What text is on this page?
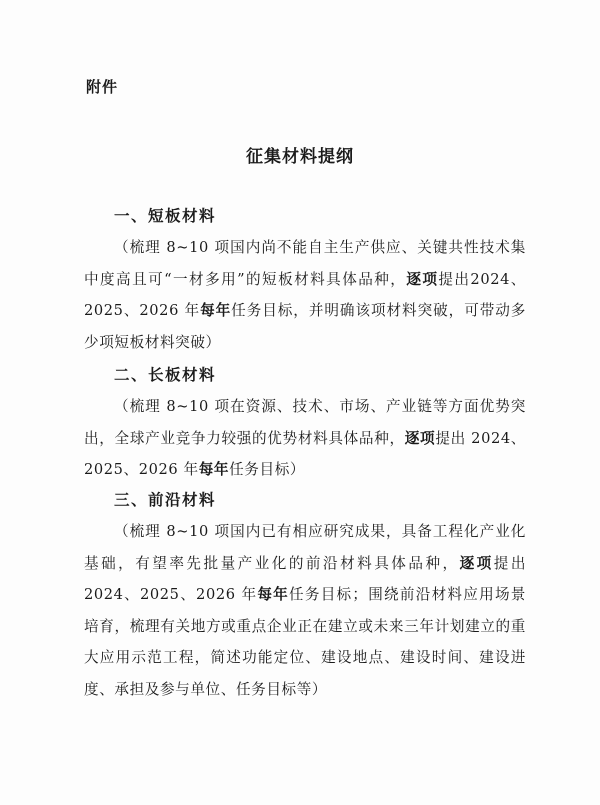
附件
征集材料提纲
一、短板材料
（梳理 8~10 项国内尚不能自主生产供应、关键共性技术集中度高且可“一材多用”的短板材料具体品种，逐项提出2024、2025、2026 年每年任务目标，并明确该项材料突破，可带动多少项短板材料突破）
二、长板材料
（梳理 8~10 项在资源、技术、市场、产业链等方面优势突出，全球产业竞争力较强的优势材料具体品种，逐项提出 2024、2025、2026 年每年任务目标）
三、前沿材料
（梳理 8~10 项国内已有相应研究成果，具备工程化产业化基础，有望率先批量产业化的前沿材料具体品种，逐项提出 2024、2025、2026 年每年任务目标；围绕前沿材料应用场景培育，梳理有关地方或重点企业正在建立或未来三年计划建立的重大应用示范工程，简述功能定位、建设地点、建设时间、建设进度、承担及参与单位、任务目标等）
